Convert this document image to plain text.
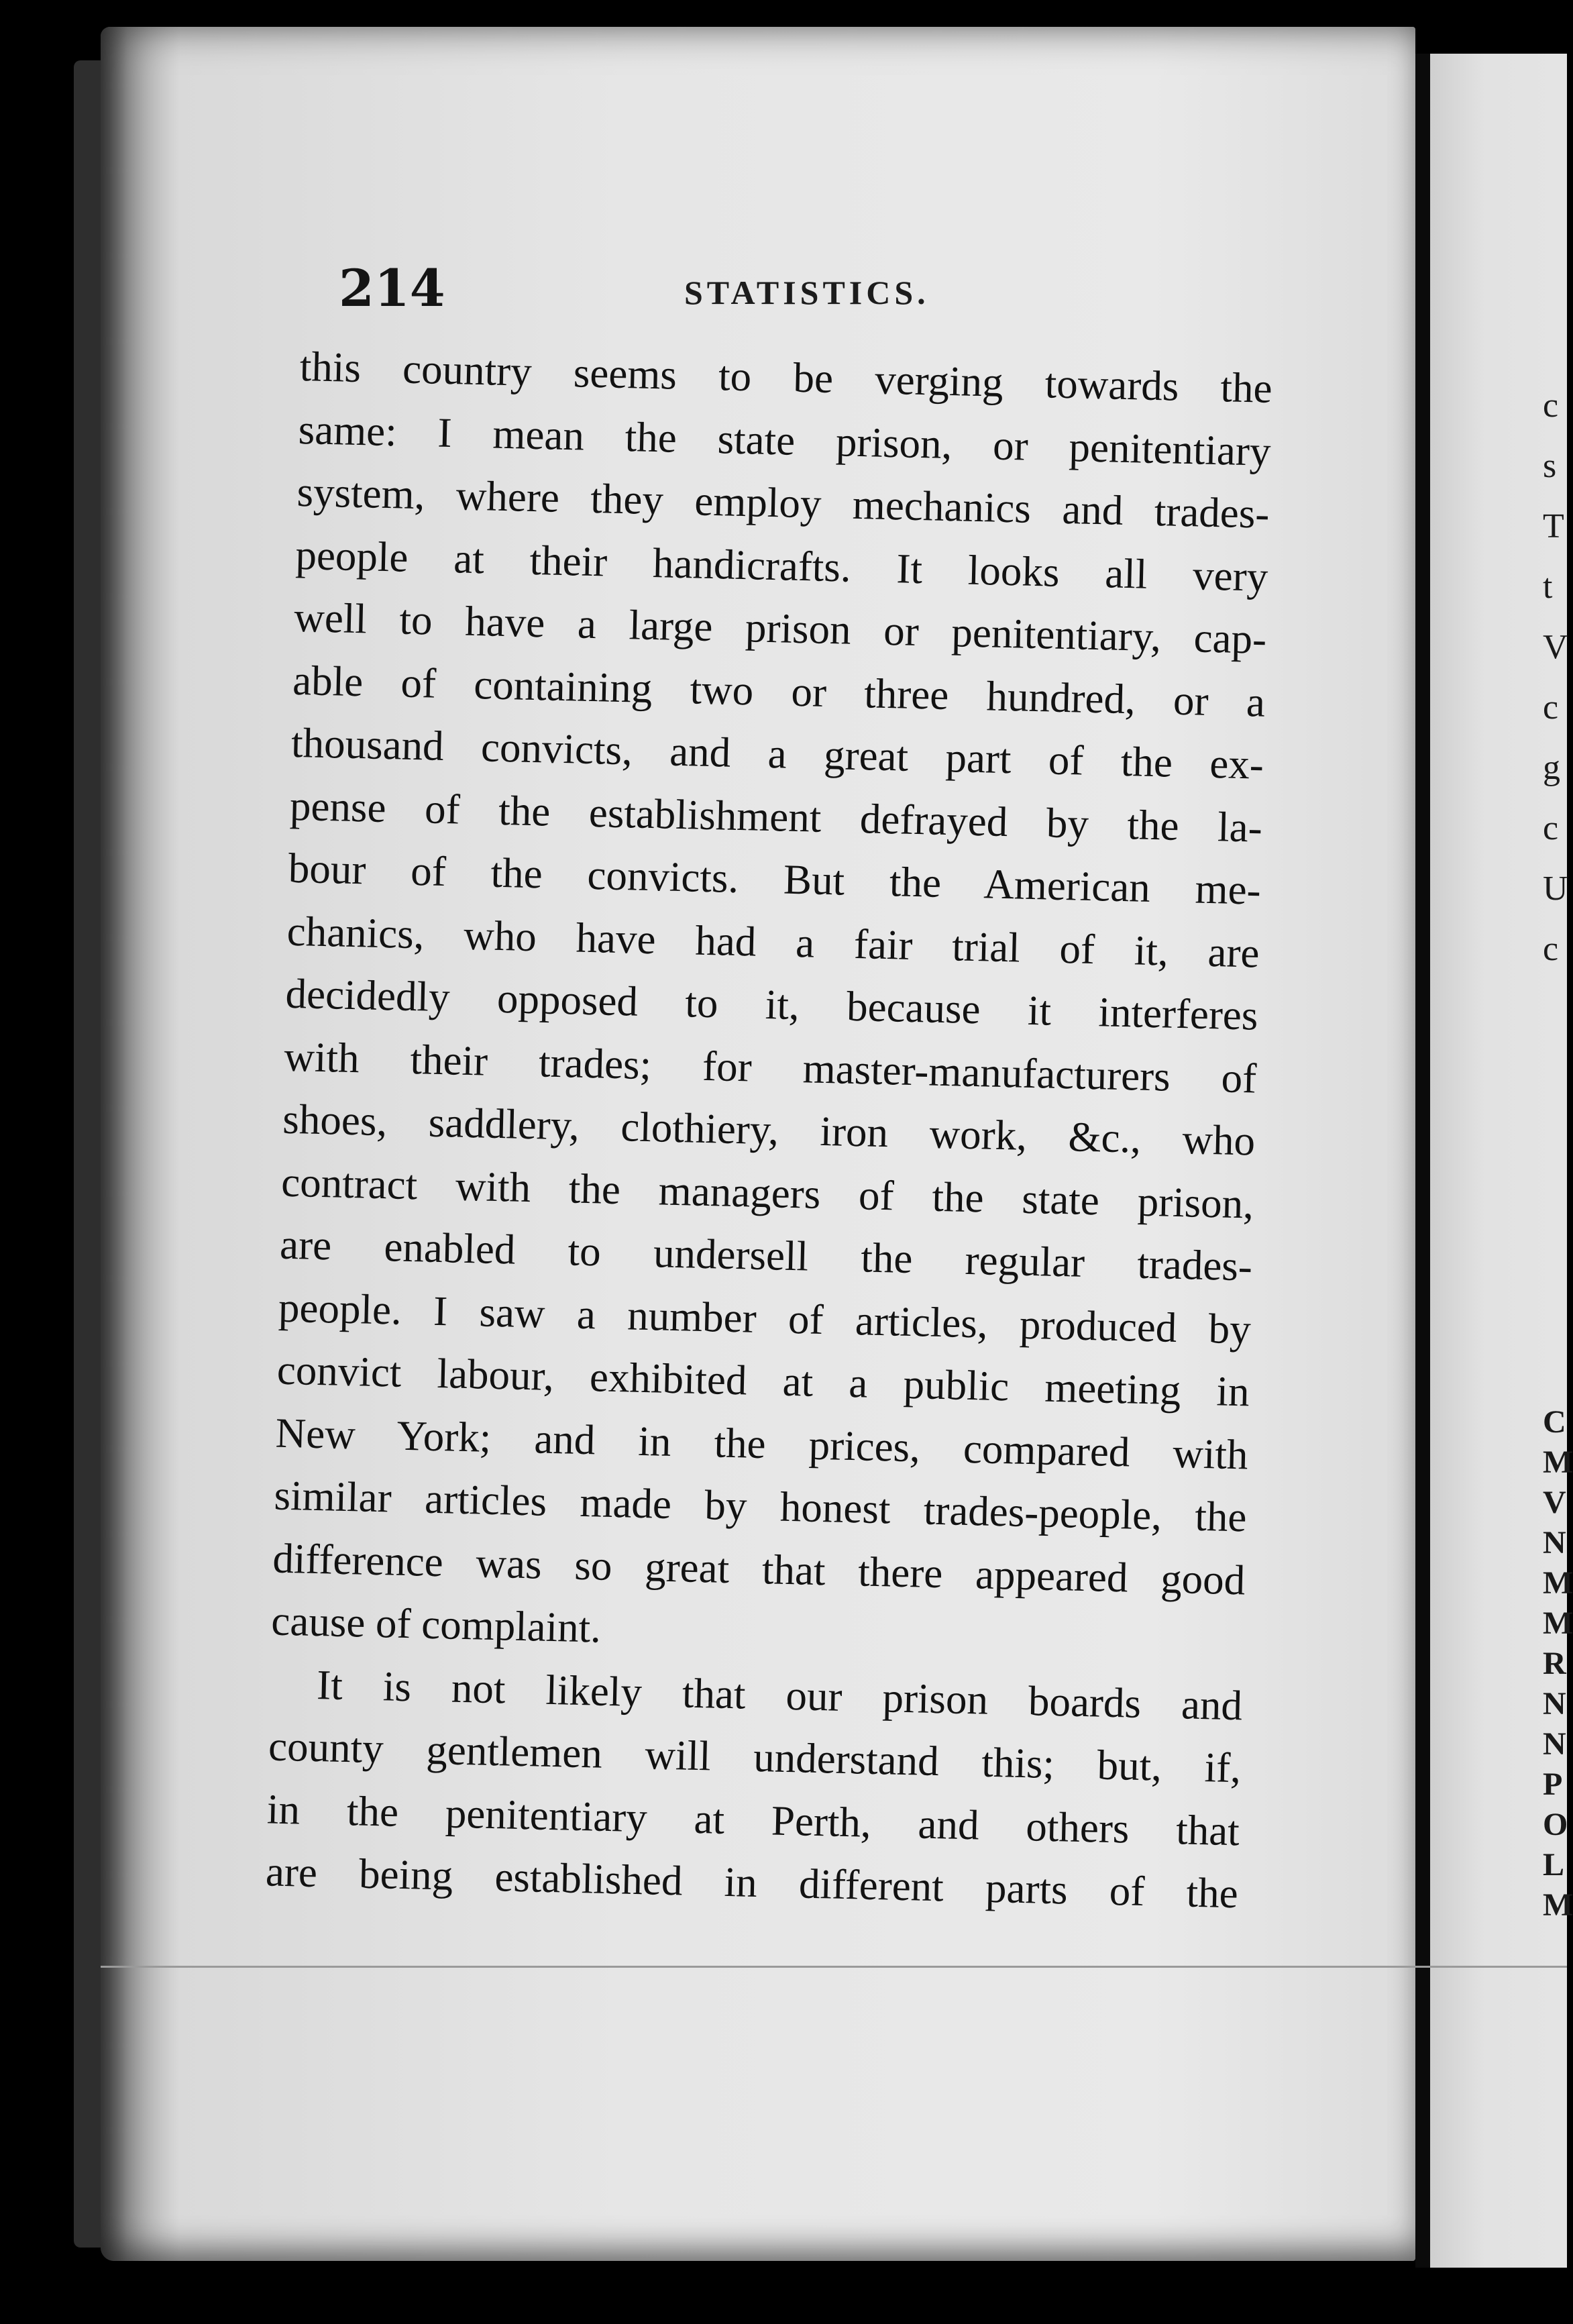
214	STATISTICS.
this country seems to be verging towards the
same: I mean the state prison, or penitentiary
system, where they employ mechanics and trades-
people at their handicrafts. It looks all very
well to have a large prison or penitentiary, cap-
able of containing two or three hundred, or a
thousand convicts, and a great part of the ex-
pense of the establishment defrayed by the la-
bour of the convicts. But the American me-
chanics, who have had a fair trial of it, are
decidedly opposed to it, because it interferes
with their trades; for master-manufacturers of
shoes, saddlery, clothiery, iron work, &c., who
contract with the managers of the state prison,
are enabled to undersell the regular trades-
people. I saw a number of articles, produced by
convict labour, exhibited at a public meeting in
New York; and in the prices, compared with
similar articles made by honest trades-people, the
difference was so great that there appeared good
cause of complaint.
It is not likely that our prison boards and
county gentlemen will understand this; but, if,
in the penitentiary at Perth, and others that
are being established in different parts of the
c
s
T
t
V
c
g
c
U
c
C
M
V
N
M
M
R
N
N
P
O
L
M
